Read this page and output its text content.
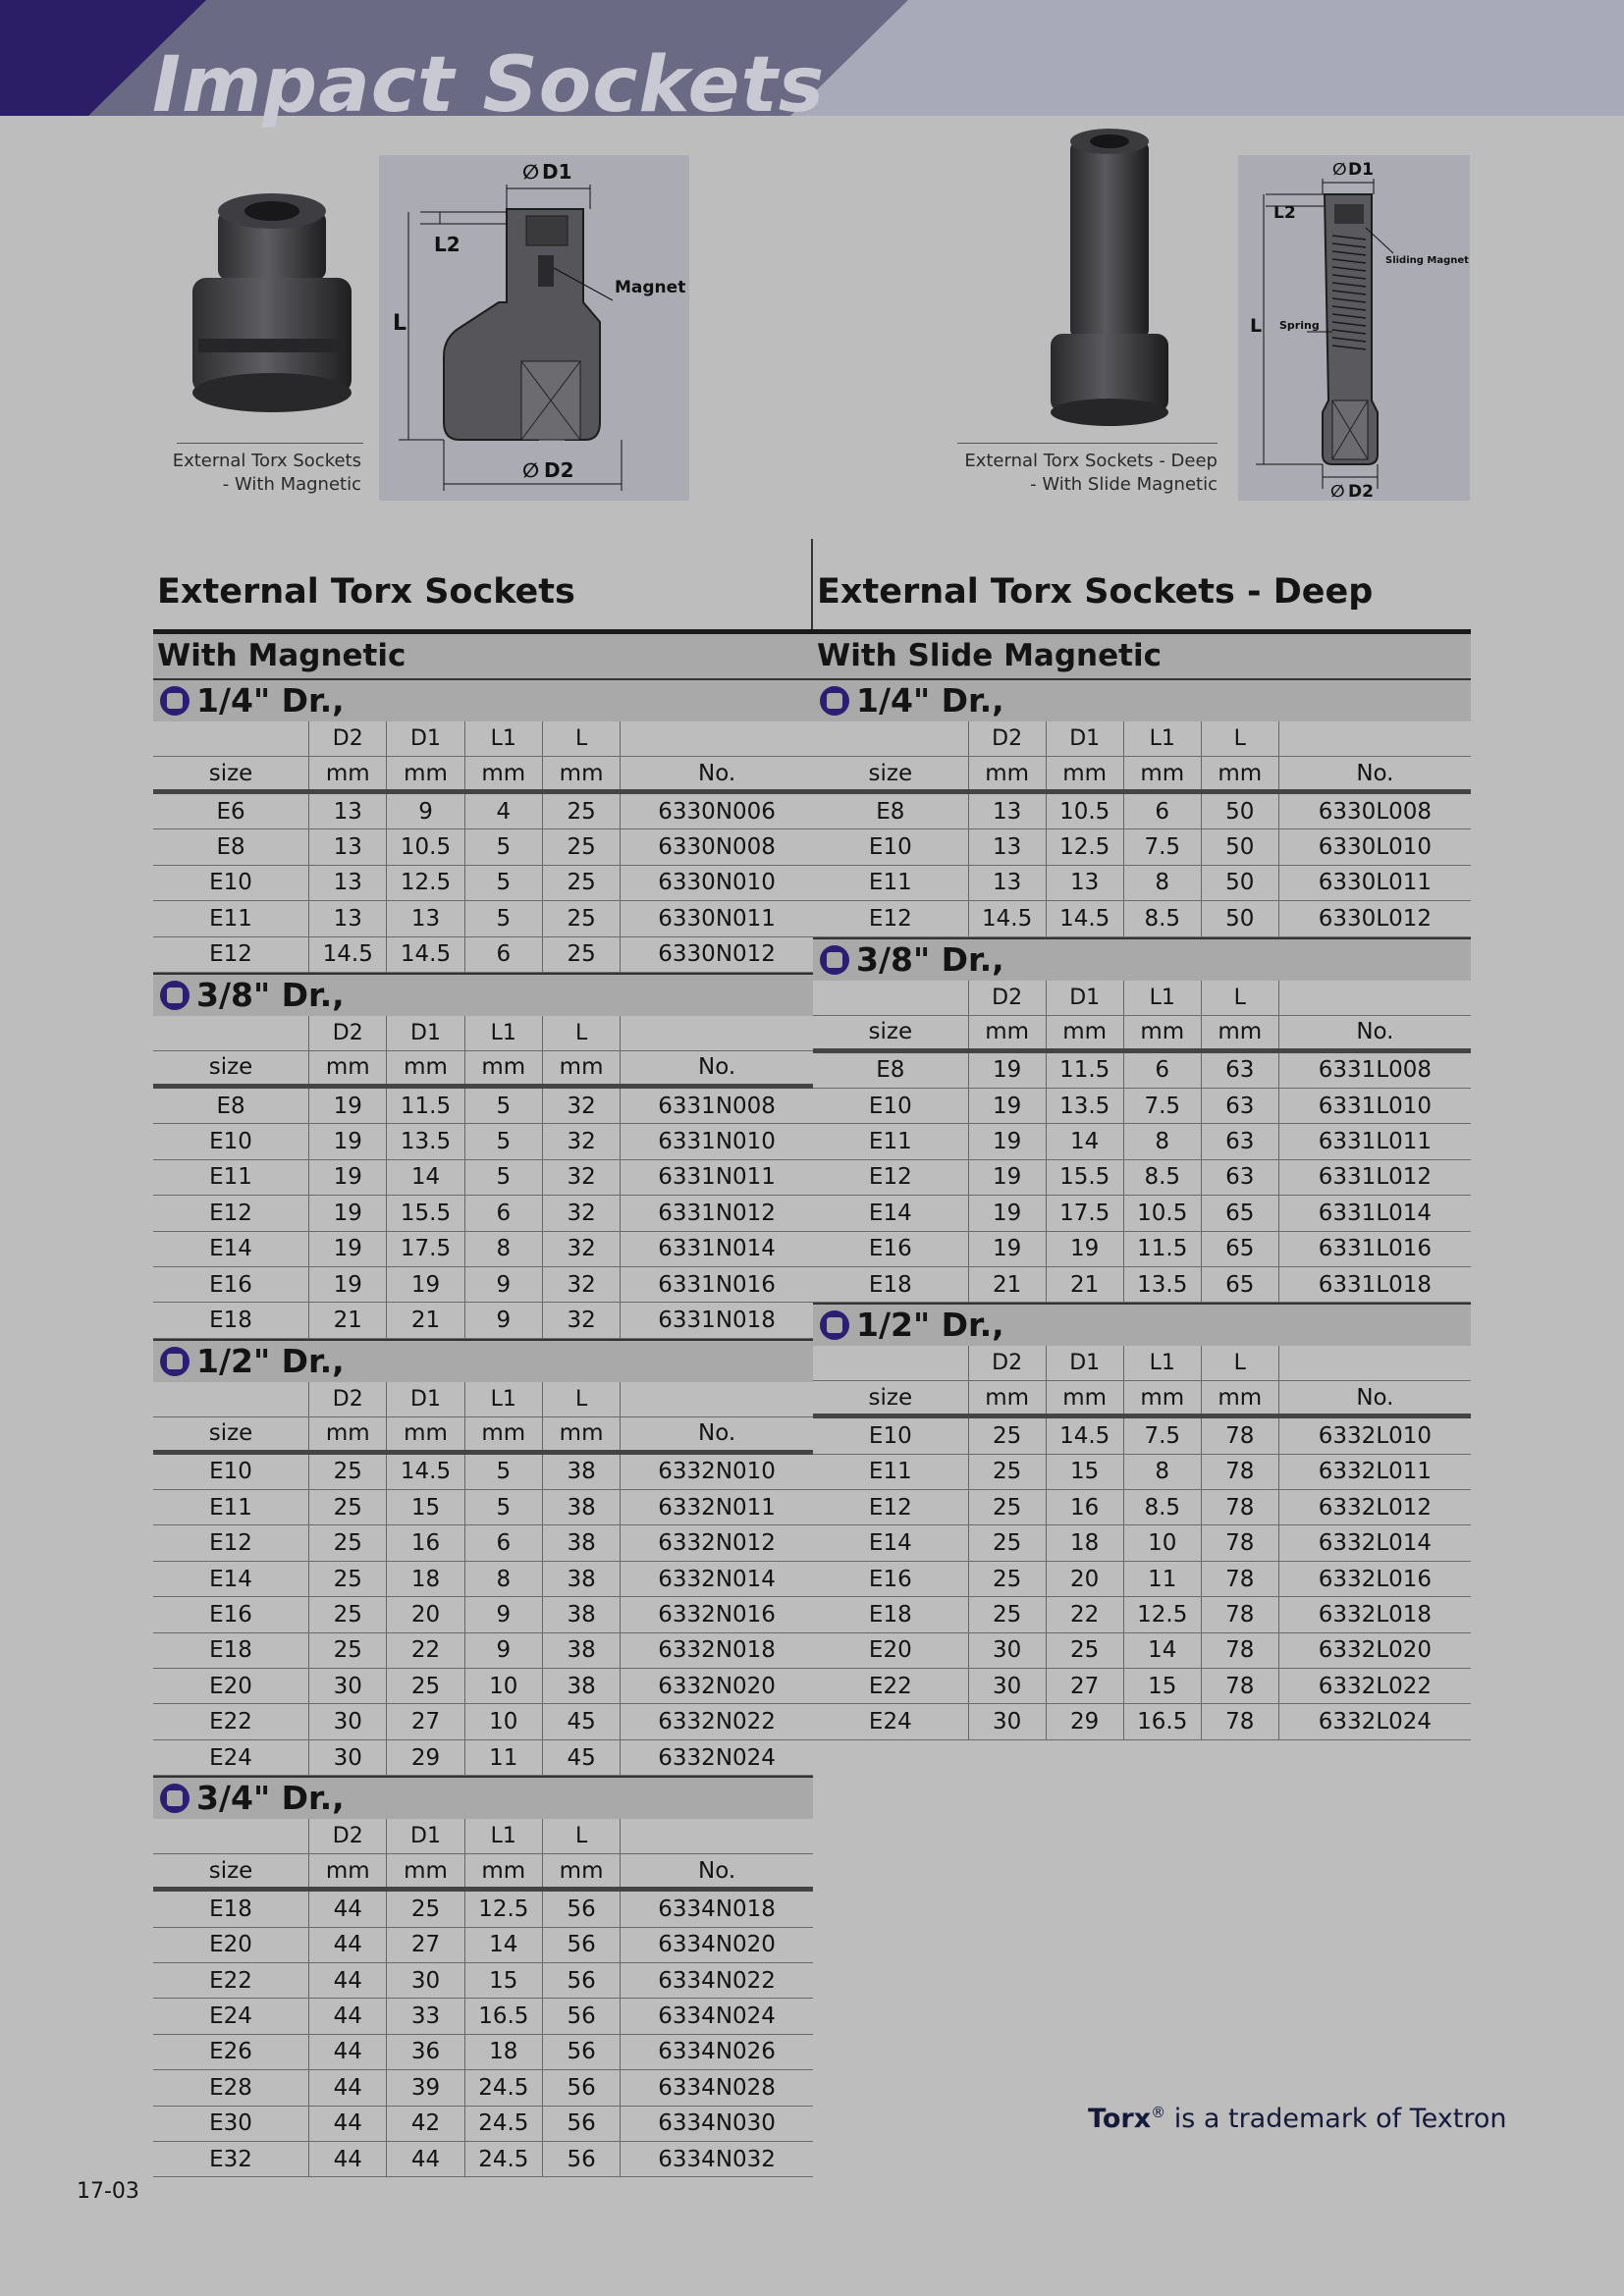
Impact Sockets
External Torx Sockets
- With Magnetic
∅ D1
L2
L
Magnet
∅ D2	External Torx Sockets - Deep
- With Slide Magnetic
∅ D1
L2
L
Sliding Magnet
Spring
∅ D2
External Torx Sockets
With Magnetic
1/4" Dr.,
	D2	D1	L1	L	
size	mm	mm	mm	mm	No.
E6	13	9	4	25	6330N006
E8	13	10.5	5	25	6330N008
E10	13	12.5	5	25	6330N010
E11	13	13	5	25	6330N011
E12	14.5	14.5	6	25	6330N012
3/8" Dr.,
	D2	D1	L1	L	
size	mm	mm	mm	mm	No.
E8	19	11.5	5	32	6331N008
E10	19	13.5	5	32	6331N010
E11	19	14	5	32	6331N011
E12	19	15.5	6	32	6331N012
E14	19	17.5	8	32	6331N014
E16	19	19	9	32	6331N016
E18	21	21	9	32	6331N018
1/2" Dr.,
	D2	D1	L1	L	
size	mm	mm	mm	mm	No.
E10	25	14.5	5	38	6332N010
E11	25	15	5	38	6332N011
E12	25	16	6	38	6332N012
E14	25	18	8	38	6332N014
E16	25	20	9	38	6332N016
E18	25	22	9	38	6332N018
E20	30	25	10	38	6332N020
E22	30	27	10	45	6332N022
E24	30	29	11	45	6332N024
3/4" Dr.,
	D2	D1	L1	L	
size	mm	mm	mm	mm	No.
E18	44	25	12.5	56	6334N018
E20	44	27	14	56	6334N020
E22	44	30	15	56	6334N022
E24	44	33	16.5	56	6334N024
E26	44	36	18	56	6334N026
E28	44	39	24.5	56	6334N028
E30	44	42	24.5	56	6334N030
E32	44	44	24.5	56	6334N032
External Torx Sockets - Deep
With Slide Magnetic
1/4" Dr.,
	D2	D1	L1	L	
size	mm	mm	mm	mm	No.
E8	13	10.5	6	50	6330L008
E10	13	12.5	7.5	50	6330L010
E11	13	13	8	50	6330L011
E12	14.5	14.5	8.5	50	6330L012
3/8" Dr.,
	D2	D1	L1	L	
size	mm	mm	mm	mm	No.
E8	19	11.5	6	63	6331L008
E10	19	13.5	7.5	63	6331L010
E11	19	14	8	63	6331L011
E12	19	15.5	8.5	63	6331L012
E14	19	17.5	10.5	65	6331L014
E16	19	19	11.5	65	6331L016
E18	21	21	13.5	65	6331L018
1/2" Dr.,
	D2	D1	L1	L	
size	mm	mm	mm	mm	No.
E10	25	14.5	7.5	78	6332L010
E11	25	15	8	78	6332L011
E12	25	16	8.5	78	6332L012
E14	25	18	10	78	6332L014
E16	25	20	11	78	6332L016
E18	25	22	12.5	78	6332L018
E20	30	25	14	78	6332L020
E22	30	27	15	78	6332L022
E24	30	29	16.5	78	6332L024
Torx® is a trademark of Textron
17-03
